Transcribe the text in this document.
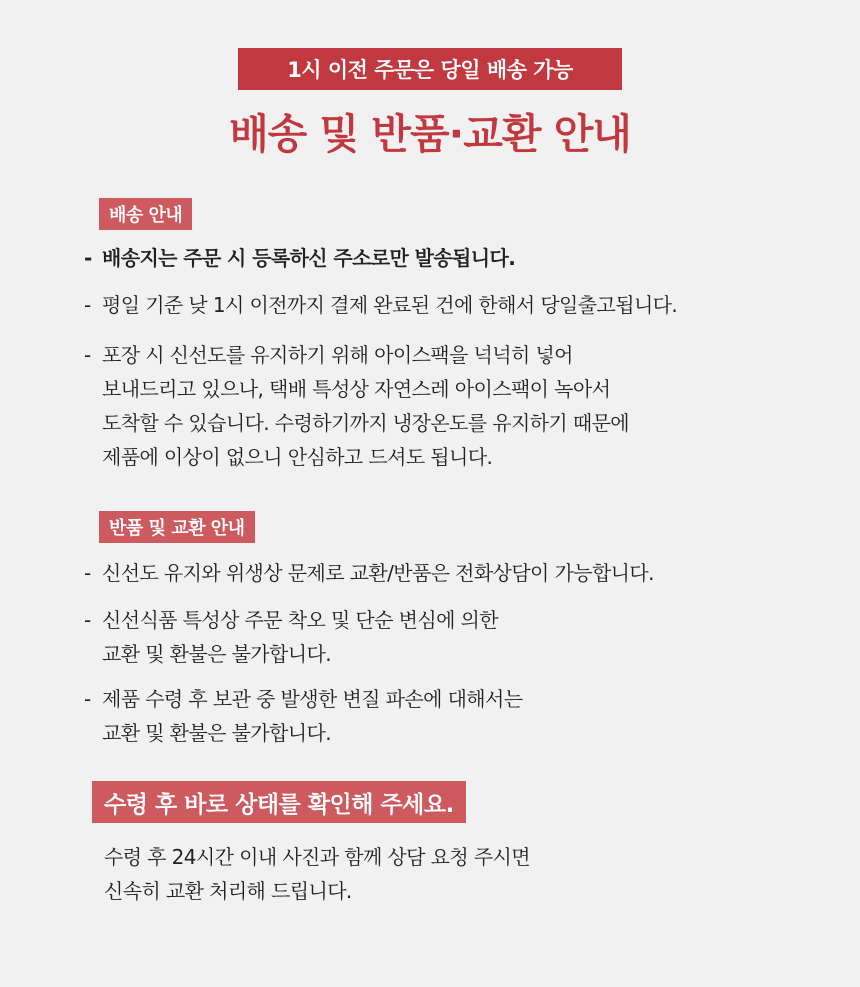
1시 이전 주문은 당일 배송 가능
배송 및 반품·교환 안내
배송 안내
- 배송지는 주문 시 등록하신 주소로만 발송됩니다.
- 평일 기준 낮 1시 이전까지 결제 완료된 건에 한해서 당일출고됩니다.
- 포장 시 신선도를 유지하기 위해 아이스팩을 넉넉히 넣어
보내드리고 있으나, 택배 특성상 자연스레 아이스팩이 녹아서
도착할 수 있습니다. 수령하기까지 냉장온도를 유지하기 때문에
제품에 이상이 없으니 안심하고 드셔도 됩니다.
반품 및 교환 안내
- 신선도 유지와 위생상 문제로 교환/반품은 전화상담이 가능합니다.
- 신선식품 특성상 주문 착오 및 단순 변심에 의한
교환 및 환불은 불가합니다.
- 제품 수령 후 보관 중 발생한 변질 파손에 대해서는
교환 및 환불은 불가합니다.
수령 후 바로 상태를 확인해 주세요.
수령 후 24시간 이내 사진과 함께 상담 요청 주시면
신속히 교환 처리해 드립니다.
